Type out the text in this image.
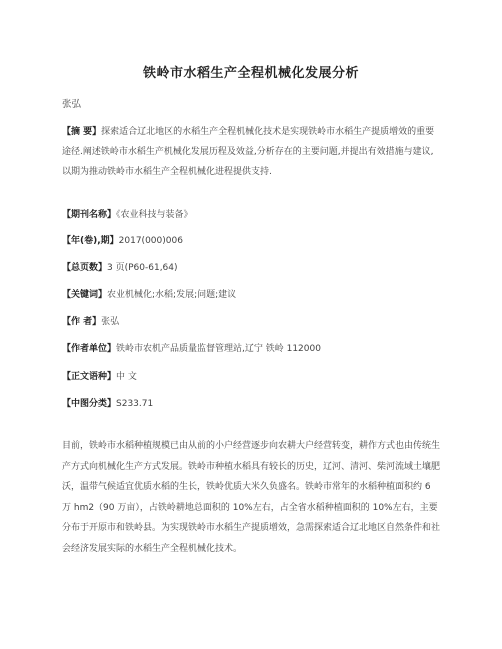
铁岭市水稻生产全程机械化发展分析
张弘
【摘 要】探索适合辽北地区的水稻生产全程机械化技术是实现铁岭市水稻生产提质增效的重要途径.阐述铁岭市水稻生产机械化发展历程及效益,分析存在的主要问题,并提出有效措施与建议,以期为推动铁岭市水稻生产全程机械化进程提供支持.
【期刊名称】《农业科技与装备》
【年(卷),期】2017(000)006
【总页数】3 页(P60-61,64)
【关键词】农业机械化;水稻;发展;问题;建议
【作 者】张弘
【作者单位】铁岭市农机产品质量监督管理站,辽宁 铁岭 112000
【正文语种】中 文
【中图分类】S233.71
目前，铁岭市水稻种植规模已由从前的小户经营逐步向农耕大户经营转变，耕作方式也由传统生产方式向机械化生产方式发展。铁岭市种植水稻具有较长的历史，辽河、清河、柴河流域土壤肥沃，温带气候适宜优质水稻的生长，铁岭优质大米久负盛名。铁岭市常年的水稻种植面积约 6 万 hm2（90 万亩），占铁岭耕地总面积的 10%左右，占全省水稻种植面积的 10%左右，主要分布于开原市和铁岭县。为实现铁岭市水稻生产提质增效，急需探索适合辽北地区自然条件和社会经济发展实际的水稻生产全程机械化技术。
